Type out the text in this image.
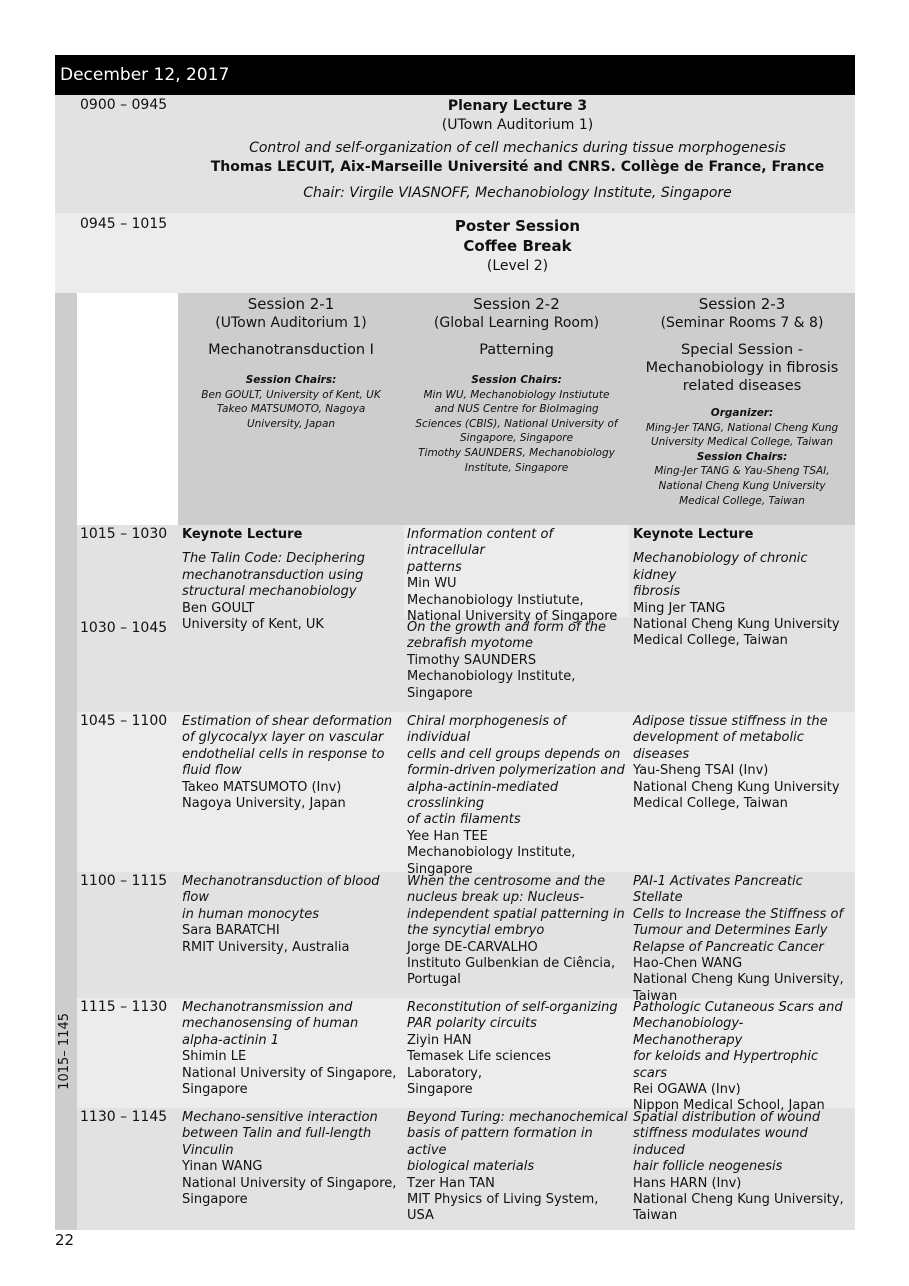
December 12, 2017
0900 – 0945	Plenary Lecture 3
(UTown Auditorium 1)
Control and self-organization of cell mechanics during tissue morphogenesis
Thomas LECUIT, Aix-Marseille Université and CNRS. Collège de France, France
Chair: Virgile VIASNOFF, Mechanobiology Institute, Singapore
0945 – 1015	Poster Session
Coffee Break
(Level 2)
1015– 1145
Session 2-1
(UTown Auditorium 1)
Mechanotransduction I
Session Chairs:
Ben GOULT, University of Kent, UK
Takeo MATSUMOTO, Nagoya
University, Japan
Session 2-2
(Global Learning Room)
Patterning
Session Chairs:
Min WU, Mechanobiology Instiutute
and NUS Centre for BioImaging
Sciences (CBIS), National University of
Singapore, Singapore
Timothy SAUNDERS, Mechanobiology
Institute, Singapore
Session 2-3
(Seminar Rooms 7 & 8)
Special Session -
Mechanobiology in fibrosis
related diseases
Organizer:
Ming-Jer TANG, National Cheng Kung
University Medical College, Taiwan
Session Chairs:
Ming-Jer TANG & Yau-Sheng TSAI,
National Cheng Kung University
Medical College, Taiwan
1015 – 1030
1030 – 1045
1045 – 1100
1100 – 1115
1115 – 1130
1130 – 1145
Keynote Lecture
The Talin Code: Deciphering
mechanotransduction using
structural mechanobiology
Ben GOULT
University of Kent, UK
Information content of intracellular
patterns
Min WU
Mechanobiology Instiutute,
National University of Singapore
Keynote Lecture
Mechanobiology of chronic kidney
fibrosis
Ming Jer TANG
National Cheng Kung University
Medical College, Taiwan
On the growth and form of the
zebrafish myotome
Timothy SAUNDERS
Mechanobiology Institute,
Singapore
Estimation of shear deformation
of glycocalyx layer on vascular
endothelial cells in response to
fluid flow
Takeo MATSUMOTO (Inv)
Nagoya University, Japan
Chiral morphogenesis of individual
cells and cell groups depends on
formin-driven polymerization and
alpha-actinin-mediated crosslinking
of actin filaments
Yee Han TEE
Mechanobiology Institute,
Singapore
Adipose tissue stiffness in the
development of metabolic diseases
Yau-Sheng TSAI (Inv)
National Cheng Kung University
Medical College, Taiwan
Mechanotransduction of blood flow
in human monocytes
Sara BARATCHI
RMIT University, Australia
When the centrosome and the
nucleus break up: Nucleus-
independent spatial patterning in
the syncytial embryo
Jorge DE-CARVALHO
Instituto Gulbenkian de Ciência,
Portugal
PAI-1 Activates Pancreatic Stellate
Cells to Increase the Stiffness of
Tumour and Determines Early
Relapse of Pancreatic Cancer
Hao-Chen WANG
National Cheng Kung University,
Taiwan
Mechanotransmission and
mechanosensing of human
alpha-actinin 1
Shimin LE
National University of Singapore,
Singapore
Reconstitution of self-organizing
PAR polarity circuits
Ziyin HAN
Temasek Life sciences Laboratory,
Singapore
Pathologic Cutaneous Scars and
Mechanobiology- Mechanotherapy
for keloids and Hypertrophic scars
Rei OGAWA (Inv)
Nippon Medical School, Japan
Mechano-sensitive interaction
between Talin and full-length
Vinculin
Yinan WANG
National University of Singapore,
Singapore
Beyond Turing: mechanochemical
basis of pattern formation in active
biological materials
Tzer Han TAN
MIT Physics of Living System, USA
Spatial distribution of wound
stiffness modulates wound induced
hair follicle neogenesis
Hans HARN (Inv)
National Cheng Kung University,
Taiwan
22
